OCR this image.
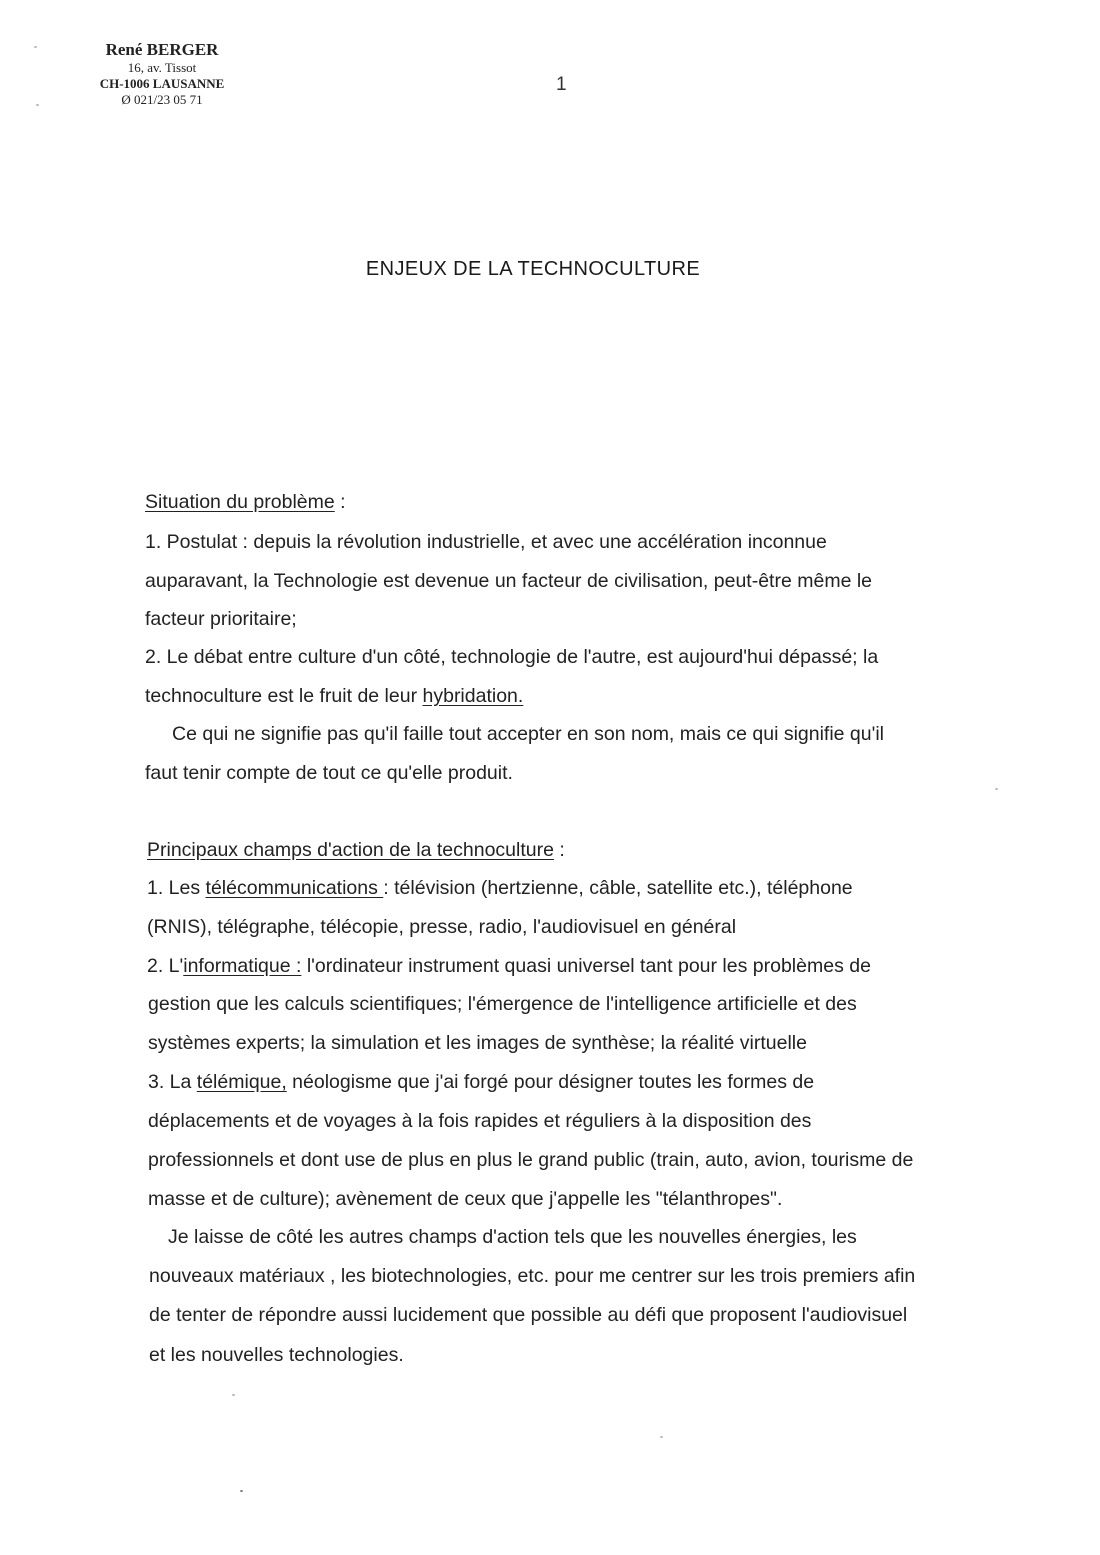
René BERGER
16, av. Tissot
CH-1006 LAUSANNE
Ø 021/23 05 71
1
ENJEUX DE LA TECHNOCULTURE
Situation du problème :
1. Postulat : depuis la révolution industrielle, et avec une accélération inconnue
auparavant, la Technologie est devenue un facteur de civilisation, peut-être même le
facteur prioritaire;
2. Le débat entre culture d'un côté, technologie de l'autre, est aujourd'hui dépassé; la
technoculture est le fruit de leur hybridation.
Ce qui ne signifie pas qu'il faille tout accepter en son nom, mais ce qui signifie qu'il
faut tenir compte de tout ce qu'elle produit.
Principaux champs d'action de la technoculture :
1. Les télécommunications : télévision (hertzienne, câble, satellite etc.), téléphone
(RNIS), télégraphe, télécopie, presse, radio, l'audiovisuel en général
2. L'informatique : l'ordinateur instrument quasi universel tant pour les problèmes de
gestion que les calculs scientifiques; l'émergence de l'intelligence artificielle et des
systèmes experts; la simulation et les images de synthèse; la réalité virtuelle
3. La télémique, néologisme que j'ai forgé pour désigner toutes les formes de
déplacements et de voyages à la fois rapides et réguliers à la disposition des
professionnels et dont use de plus en plus le grand public (train, auto, avion, tourisme de
masse et de culture); avènement de ceux que j'appelle les "télanthropes".
Je laisse de côté les autres champs d'action tels que les nouvelles énergies, les
nouveaux matériaux , les biotechnologies, etc. pour me centrer sur les trois premiers afin
de tenter de répondre aussi lucidement que possible au défi que proposent l'audiovisuel
et les nouvelles technologies.
